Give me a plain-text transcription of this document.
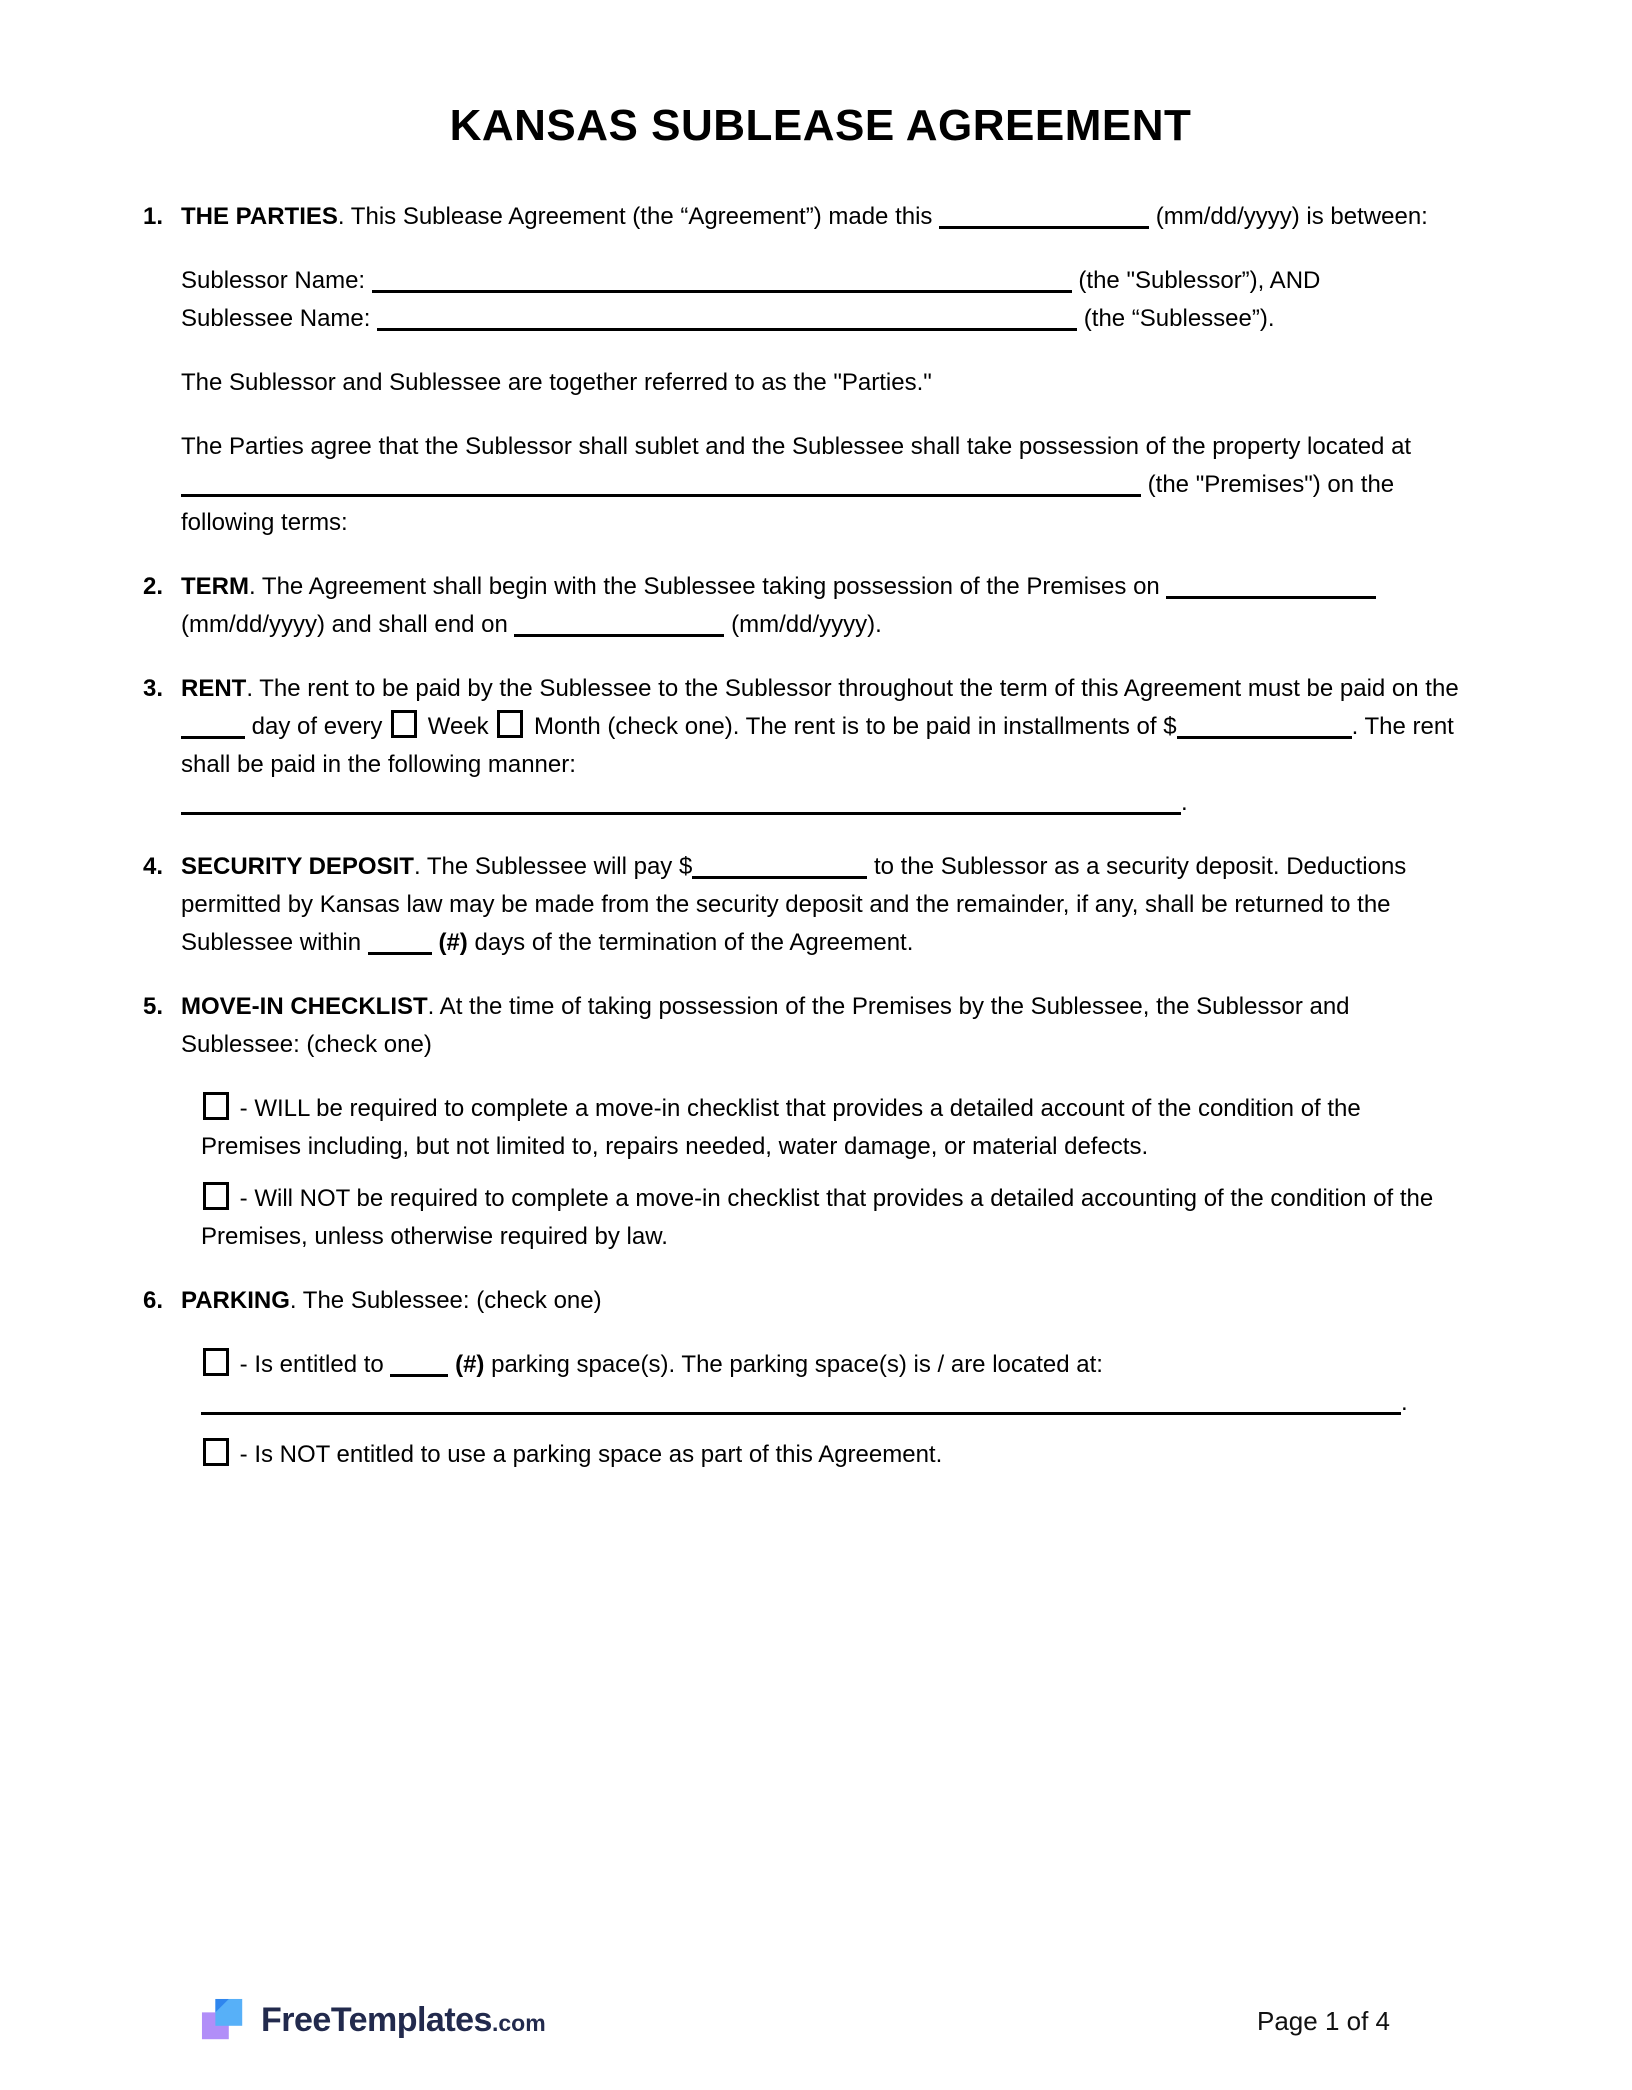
KANSAS SUBLEASE AGREEMENT
1. THE PARTIES. This Sublease Agreement (the “Agreement”) made this	(mm/dd/yyyy) is between:
Sublessor Name:	(the "Sublessor”), AND
Sublessee Name:	(the “Sublessee”).
The Sublessor and Sublessee are together referred to as the "Parties."
The Parties agree that the Sublessor shall sublet and the Sublessee shall take possession of the property located at  (the "Premises") on the following terms:
2. TERM. The Agreement shall begin with the Sublessee taking possession of the Premises on  (mm/dd/yyyy) and shall end on	(mm/dd/yyyy).
3. RENT. The rent to be paid by the Sublessee to the Sublessor throughout the term of this Agreement must be paid on the  day of every  Week  Month (check one). The rent is to be paid in installments of $	. The rent shall be paid in the following manner: .
4. SECURITY DEPOSIT. The Sublessee will pay $	to the Sublessor as a security deposit. Deductions permitted by Kansas law may be made from the security deposit and the remainder, if any, shall be returned to the Sublessee within	(#) days of the termination of the Agreement.
5. MOVE-IN CHECKLIST. At the time of taking possession of the Premises by the Sublessee, the Sublessor and Sublessee: (check one)
- WILL be required to complete a move-in checklist that provides a detailed account of the condition of the Premises including, but not limited to, repairs needed, water damage, or material defects.
- Will NOT be required to complete a move-in checklist that provides a detailed accounting of the condition of the Premises, unless otherwise required by law.
6. PARKING. The Sublessee: (check one)
- Is entitled to	(#) parking space(s). The parking space(s) is / are located at:
.
- Is NOT entitled to use a parking space as part of this Agreement.
FreeTemplates .com	Page 1 of 4
